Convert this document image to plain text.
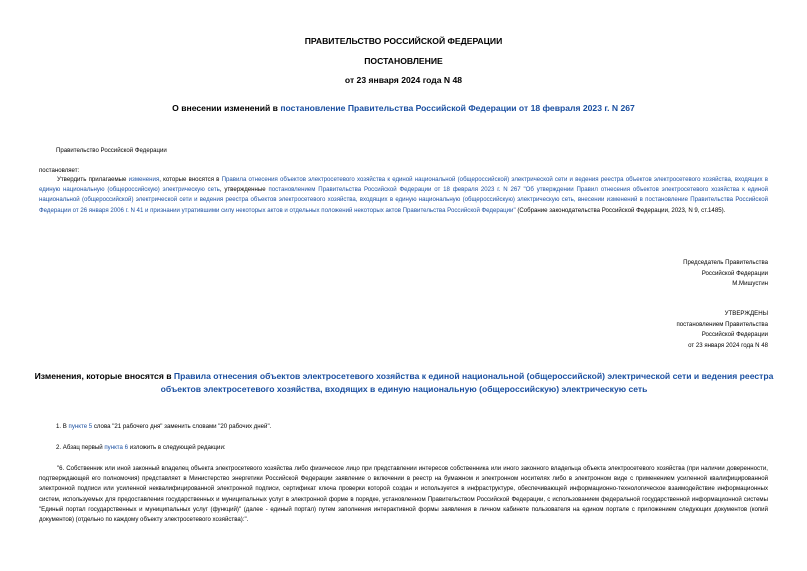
ПРАВИТЕЛЬСТВО РОССИЙСКОЙ ФЕДЕРАЦИИ
ПОСТАНОВЛЕНИЕ
от 23 января 2024 года N 48
О внесении изменений в постановление Правительства Российской Федерации от 18 февраля 2023 г. N 267
Правительство Российской Федерации
постановляет:
Утвердить прилагаемые изменения, которые вносятся в Правила отнесения объектов электросетевого хозяйства к единой национальной (общероссийской) электрической сети и ведения реестра объектов электросетевого хозяйства, входящих в единую национальную (общероссийскую) электрическую сеть, утвержденные постановлением Правительства Российской Федерации от 18 февраля 2023 г. N 267 "Об утверждении Правил отнесения объектов электросетевого хозяйства к единой национальной (общероссийской) электрической сети и ведения реестра объектов электросетевого хозяйства, входящих в единую национальную (общероссийскую) электрическую сеть, внесении изменений в постановление Правительства Российской Федерации от 26 января 2006 г. N 41 и признании утратившими силу некоторых актов и отдельных положений некоторых актов Правительства Российской Федерации" (Собрание законодательства Российской Федерации, 2023, N 9, ст.1485).
Председатель Правительства
Российской Федерации
М.Мишустин
УТВЕРЖДЕНЫ
постановлением Правительства
Российской Федерации
от 23 января 2024 года N 48
Изменения, которые вносятся в Правила отнесения объектов электросетевого хозяйства к единой национальной (общероссийской) электрической сети и ведения реестра объектов электросетевого хозяйства, входящих в единую национальную (общероссийскую) электрическую сеть
1. В пункте 5 слова "21 рабочего дня" заменить словами "20 рабочих дней".
2. Абзац первый пункта 6 изложить в следующей редакции:
"6. Собственник или иной законный владелец объекта электросетевого хозяйства либо физическое лицо при представлении интересов собственника или иного законного владельца объекта электросетевого хозяйства (при наличии доверенности, подтверждающей его полномочия) представляет в Министерство энергетики Российской Федерации заявление о включении в реестр на бумажном и электронном носителях либо в электронном виде с применением усиленной квалифицированной электронной подписи или усиленной неквалифицированной электронной подписи, сертификат ключа проверки которой создан и используется в инфраструктуре, обеспечивающей информационно-технологическое взаимодействие информационных систем, используемых для предоставления государственных и муниципальных услуг в электронной форме в порядке, установленном Правительством Российской Федерации, с использованием федеральной государственной информационной системы "Единый портал государственных и муниципальных услуг (функций)" (далее - единый портал) путем заполнения интерактивной формы заявления в личном кабинете пользователя на едином портале с приложением следующих документов (копий документов) (отдельно по каждому объекту электросетевого хозяйства):".
